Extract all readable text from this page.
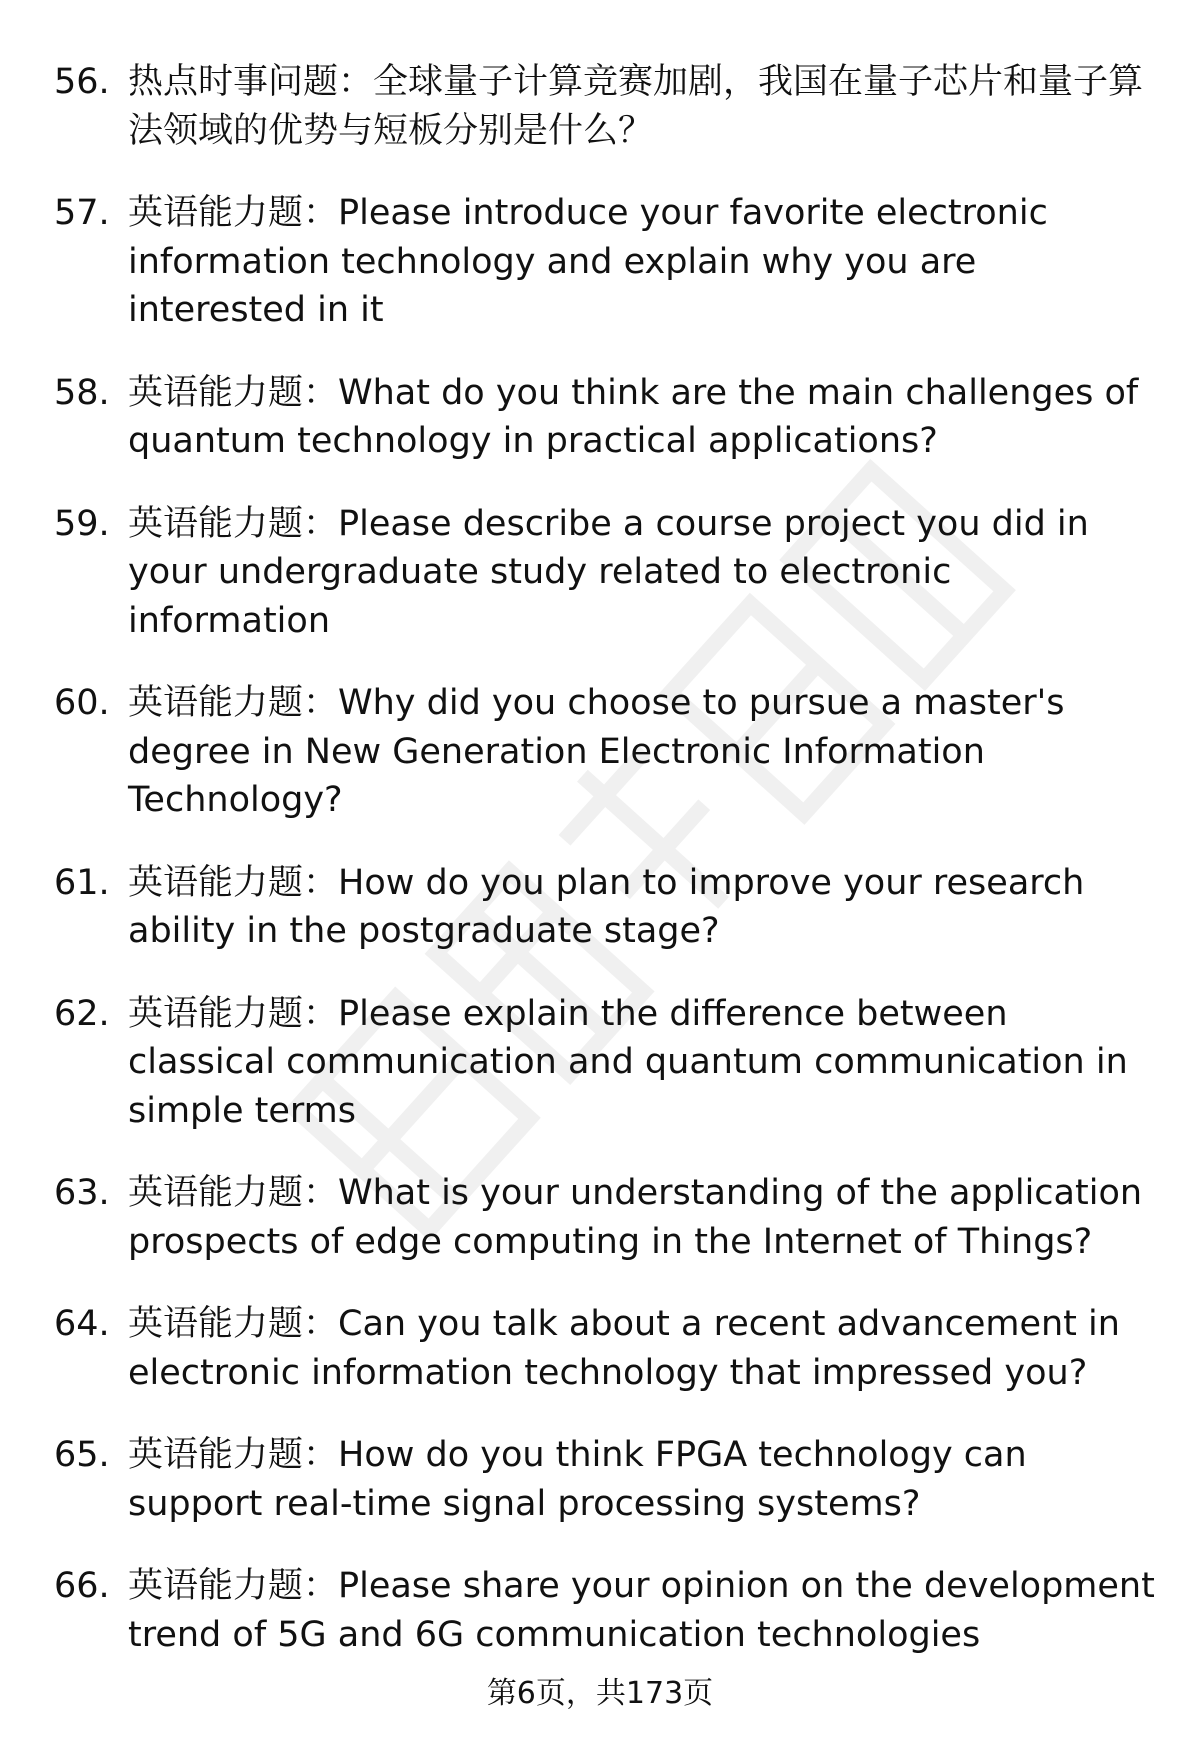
56. 热点时事问题：全球量子计算竞赛加剧，我国在量子芯片和量子算法领域的优势与短板分别是什么？
57. 英语能力题：Please introduce your favorite electronic information technology and explain why you are interested in it
58. 英语能力题：What do you think are the main challenges of quantum technology in practical applications?
59. 英语能力题：Please describe a course project you did in your undergraduate study related to electronic information
60. 英语能力题：Why did you choose to pursue a master's degree in New Generation Electronic Information Technology?
61. 英语能力题：How do you plan to improve your research ability in the postgraduate stage?
62. 英语能力题：Please explain the difference between classical communication and quantum communication in simple terms
63. 英语能力题：What is your understanding of the application prospects of edge computing in the Internet of Things?
64. 英语能力题：Can you talk about a recent advancement in electronic information technology that impressed you?
65. 英语能力题：How do you think FPGA technology can support real-time signal processing systems?
66. 英语能力题：Please share your opinion on the development trend of 5G and 6G communication technologies
第6页，共173页
